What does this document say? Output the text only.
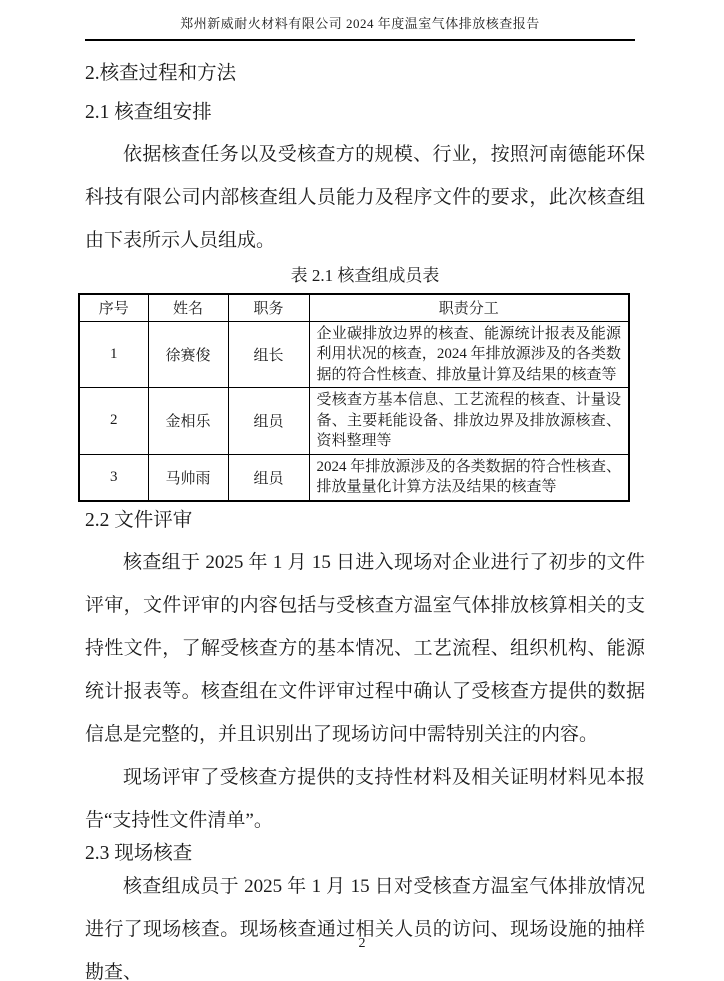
郑州新威耐火材料有限公司 2024 年度温室气体排放核查报告
2.核查过程和方法
2.1 核查组安排

依据核查任务以及受核查方的规模、行业，按照河南德能环保科技有限公司内部核查组人员能力及程序文件的要求，此次核查组由下表所示人员组成。

表 2.1 核查组成员表
序号	姓名	职务	职责分工
1	徐赛俊	组长	企业碳排放边界的核查、能源统计报表及能源利用状况的核查，2024 年排放源涉及的各类数据的符合性核查、排放量计算及结果的核查等
2	金相乐	组员	受核查方基本信息、工艺流程的核查、计量设备、主要耗能设备、排放边界及排放源核查、资料整理等
3	马帅雨	组员	2024 年排放源涉及的各类数据的符合性核查、排放量量化计算方法及结果的核查等
2.2 文件评审

核查组于 2025 年 1 月 15 日进入现场对企业进行了初步的文件评审，文件评审的内容包括与受核查方温室气体排放核算相关的支持性文件，了解受核查方的基本情况、工艺流程、组织机构、能源统计报表等。核查组在文件评审过程中确认了受核查方提供的数据信息是完整的，并且识别出了现场访问中需特别关注的内容。

现场评审了受核查方提供的支持性材料及相关证明材料见本报告“支持性文件清单”。

2.3 现场核查

核查组成员于 2025 年 1 月 15 日对受核查方温室气体排放情况进行了现场核查。现场核查通过相关人员的访问、现场设施的抽样勘查、

2
